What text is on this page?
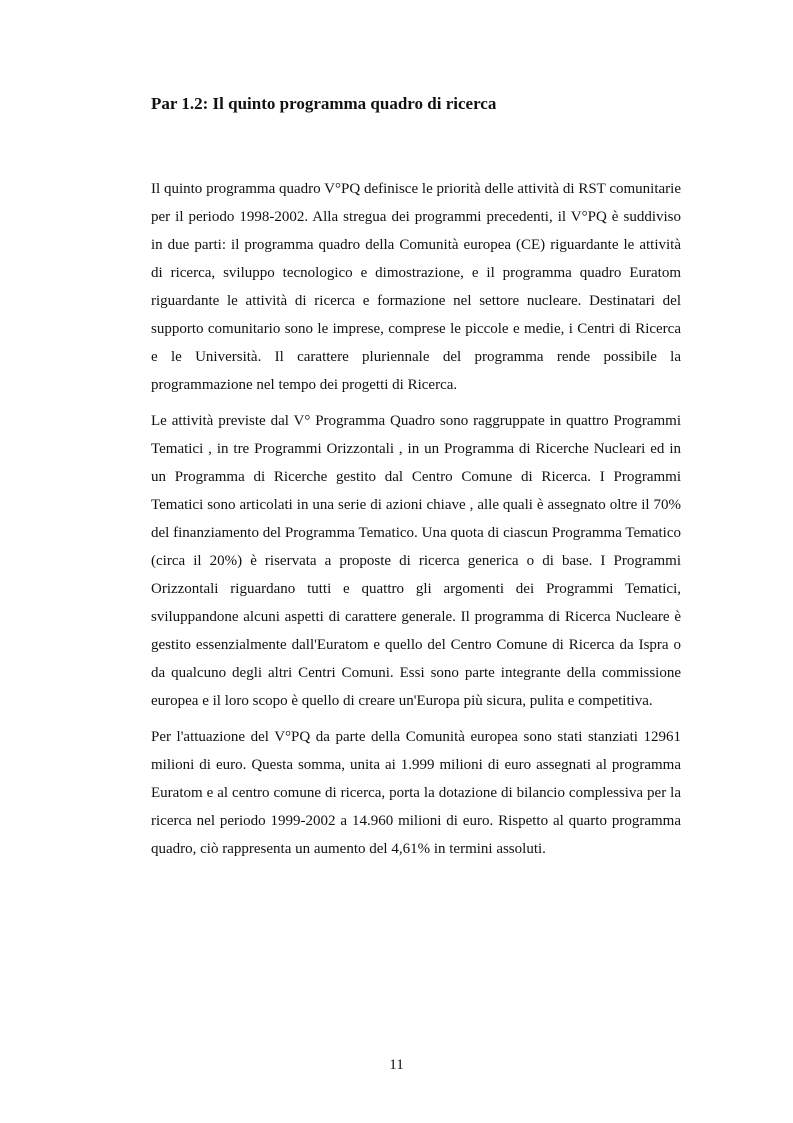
Par 1.2: Il quinto programma quadro di ricerca

Il quinto programma quadro V°PQ definisce le priorità delle attività di RST comunitarie per il periodo 1998-2002. Alla stregua dei programmi precedenti, il V°PQ è suddiviso in due parti: il programma quadro della Comunità europea (CE) riguardante le attività di ricerca, sviluppo tecnologico e dimostrazione, e il programma quadro Euratom riguardante le attività di ricerca e formazione nel settore nucleare. Destinatari del supporto comunitario sono le imprese, comprese le piccole e medie, i Centri di Ricerca e le Università. Il carattere pluriennale del programma rende possibile la programmazione nel tempo dei progetti di Ricerca.

Le attività previste dal V° Programma Quadro sono raggruppate in quattro Programmi Tematici , in tre Programmi Orizzontali , in un Programma di Ricerche Nucleari ed in un Programma di Ricerche gestito dal Centro Comune di Ricerca. I Programmi Tematici sono articolati in una serie di azioni chiave , alle quali è assegnato oltre il 70% del finanziamento del Programma Tematico. Una quota di ciascun Programma Tematico (circa il 20%) è riservata a proposte di ricerca generica o di base. I Programmi Orizzontali riguardano tutti e quattro gli argomenti dei Programmi Tematici, sviluppandone alcuni aspetti di carattere generale. Il programma di Ricerca Nucleare è gestito essenzialmente dall'Euratom e quello del Centro Comune di Ricerca da Ispra o da qualcuno degli altri Centri Comuni. Essi sono parte integrante della commissione europea e il loro scopo è quello di creare un'Europa più sicura, pulita e competitiva.

Per l'attuazione del V°PQ da parte della Comunità europea sono stati stanziati 12961 milioni di euro. Questa somma, unita ai 1.999 milioni di euro assegnati al programma Euratom e al centro comune di ricerca, porta la dotazione di bilancio complessiva per la ricerca nel periodo 1999-2002 a 14.960 milioni di euro. Rispetto al quarto programma quadro, ciò rappresenta un aumento del 4,61% in termini assoluti.

11
